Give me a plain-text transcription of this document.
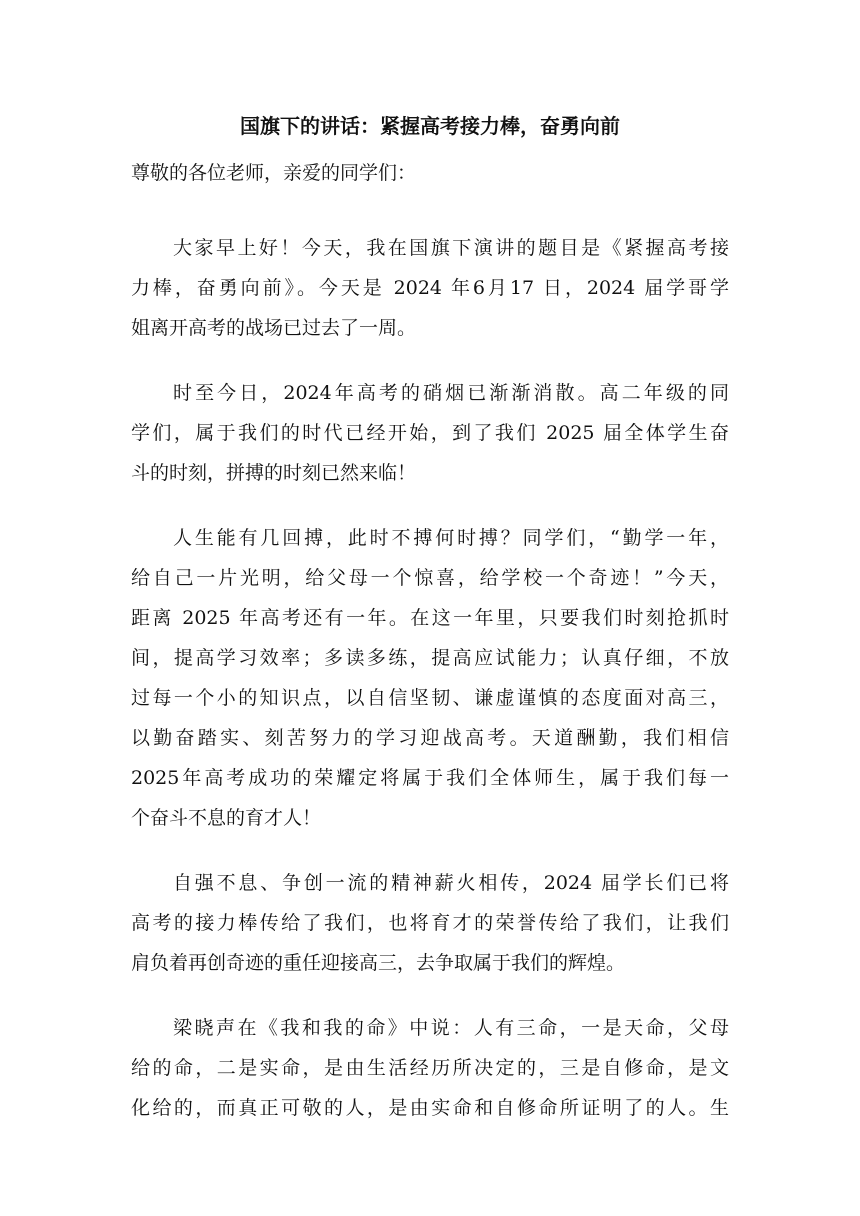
国旗下的讲话：紧握高考接力棒，奋勇向前

尊敬的各位老师，亲爱的同学们：

大家早上好！今天，我在国旗下演讲的题目是《紧握高考接
力棒，奋勇向前》。今天是 2024 年6月17 日，2024 届学哥学
姐离开高考的战场已过去了一周。
时至今日，2024年高考的硝烟已渐渐消散。高二年级的同
学们，属于我们的时代已经开始，到了我们 2025 届全体学生奋
斗的时刻，拼搏的时刻已然来临！
人生能有几回搏，此时不搏何时搏？同学们，“勤学一年，
给自己一片光明，给父母一个惊喜，给学校一个奇迹！”今天，
距离 2025 年高考还有一年。在这一年里，只要我们时刻抢抓时
间，提高学习效率；多读多练，提高应试能力；认真仔细，不放
过每一个小的知识点，以自信坚韧、谦虚谨慎的态度面对高三，
以勤奋踏实、刻苦努力的学习迎战高考。天道酬勤，我们相信
2025年高考成功的荣耀定将属于我们全体师生，属于我们每一
个奋斗不息的育才人！
自强不息、争创一流的精神薪火相传，2024 届学长们已将
高考的接力棒传给了我们，也将育才的荣誉传给了我们，让我们
肩负着再创奇迹的重任迎接高三，去争取属于我们的辉煌。
梁晓声在《我和我的命》中说：人有三命，一是天命，父母
给的命，二是实命，是由生活经历所决定的，三是自修命，是文
化给的，而真正可敬的人，是由实命和自修命所证明了的人。生
